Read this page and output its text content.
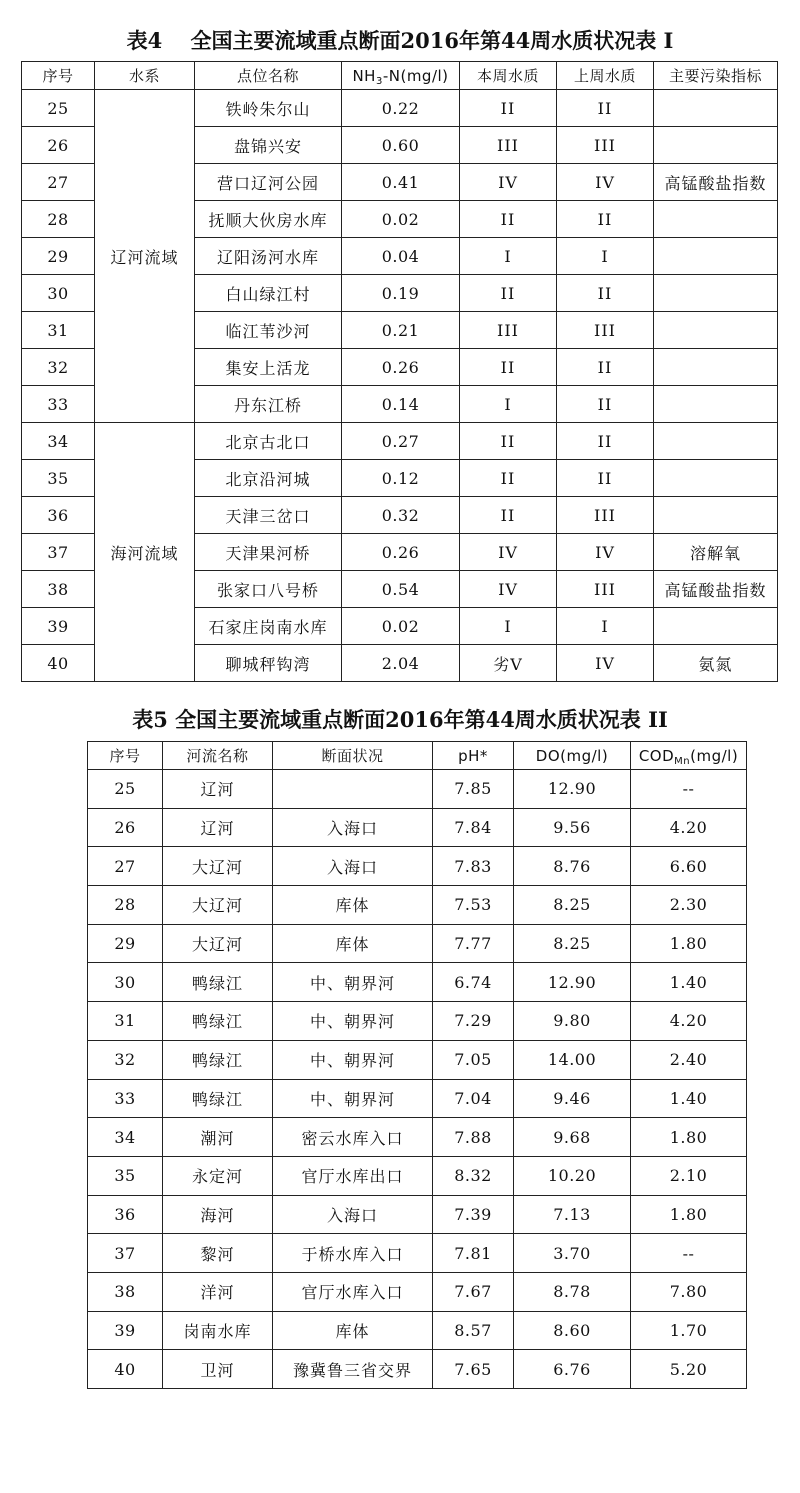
表4　 全国主要流域重点断面2016年第44周水质状况表 I
序号	水系	点位名称	$NH_3-N(mg/l)$	本周水质	上周水质	主要污染指标
25	辽河流域	铁岭朱尔山	0.22	II	II	
26		盘锦兴安	0.60	III	III	
27		营口辽河公园	0.41	IV	IV	高锰酸盐指数
28		抚顺大伙房水库	0.02	II	II	
29		辽阳汤河水库	0.04	I	I	
30		白山绿江村	0.19	II	II	
31		临江苇沙河	0.21	III	III	
32		集安上活龙	0.26	II	II	
33		丹东江桥	0.14	I	II	
34	海河流域	北京古北口	0.27	II	II	
35		北京沿河城	0.12	II	II	
36		天津三岔口	0.32	II	III	
37		天津果河桥	0.26	IV	IV	溶解氧
38		张家口八号桥	0.54	IV	III	高锰酸盐指数
39		石家庄岗南水库	0.02	I	I	
40		聊城秤钩湾	2.04	劣V	IV	氨氮
表5 全国主要流域重点断面2016年第44周水质状况表 II
序号	河流名称	断面状况	pH*	DO(mg/l)	$COD_{Mn}(mg/l)$
25	辽河		7.85	12.90	--
26	辽河	入海口	7.84	9.56	4.20
27	大辽河	入海口	7.83	8.76	6.60
28	大辽河	库体	7.53	8.25	2.30
29	大辽河	库体	7.77	8.25	1.80
30	鸭绿江	中、朝界河	6.74	12.90	1.40
31	鸭绿江	中、朝界河	7.29	9.80	4.20
32	鸭绿江	中、朝界河	7.05	14.00	2.40
33	鸭绿江	中、朝界河	7.04	9.46	1.40
34	潮河	密云水库入口	7.88	9.68	1.80
35	永定河	官厅水库出口	8.32	10.20	2.10
36	海河	入海口	7.39	7.13	1.80
37	黎河	于桥水库入口	7.81	3.70	--
38	洋河	官厅水库入口	7.67	8.78	7.80
39	岗南水库	库体	8.57	8.60	1.70
40	卫河	豫冀鲁三省交界	7.65	6.76	5.20
